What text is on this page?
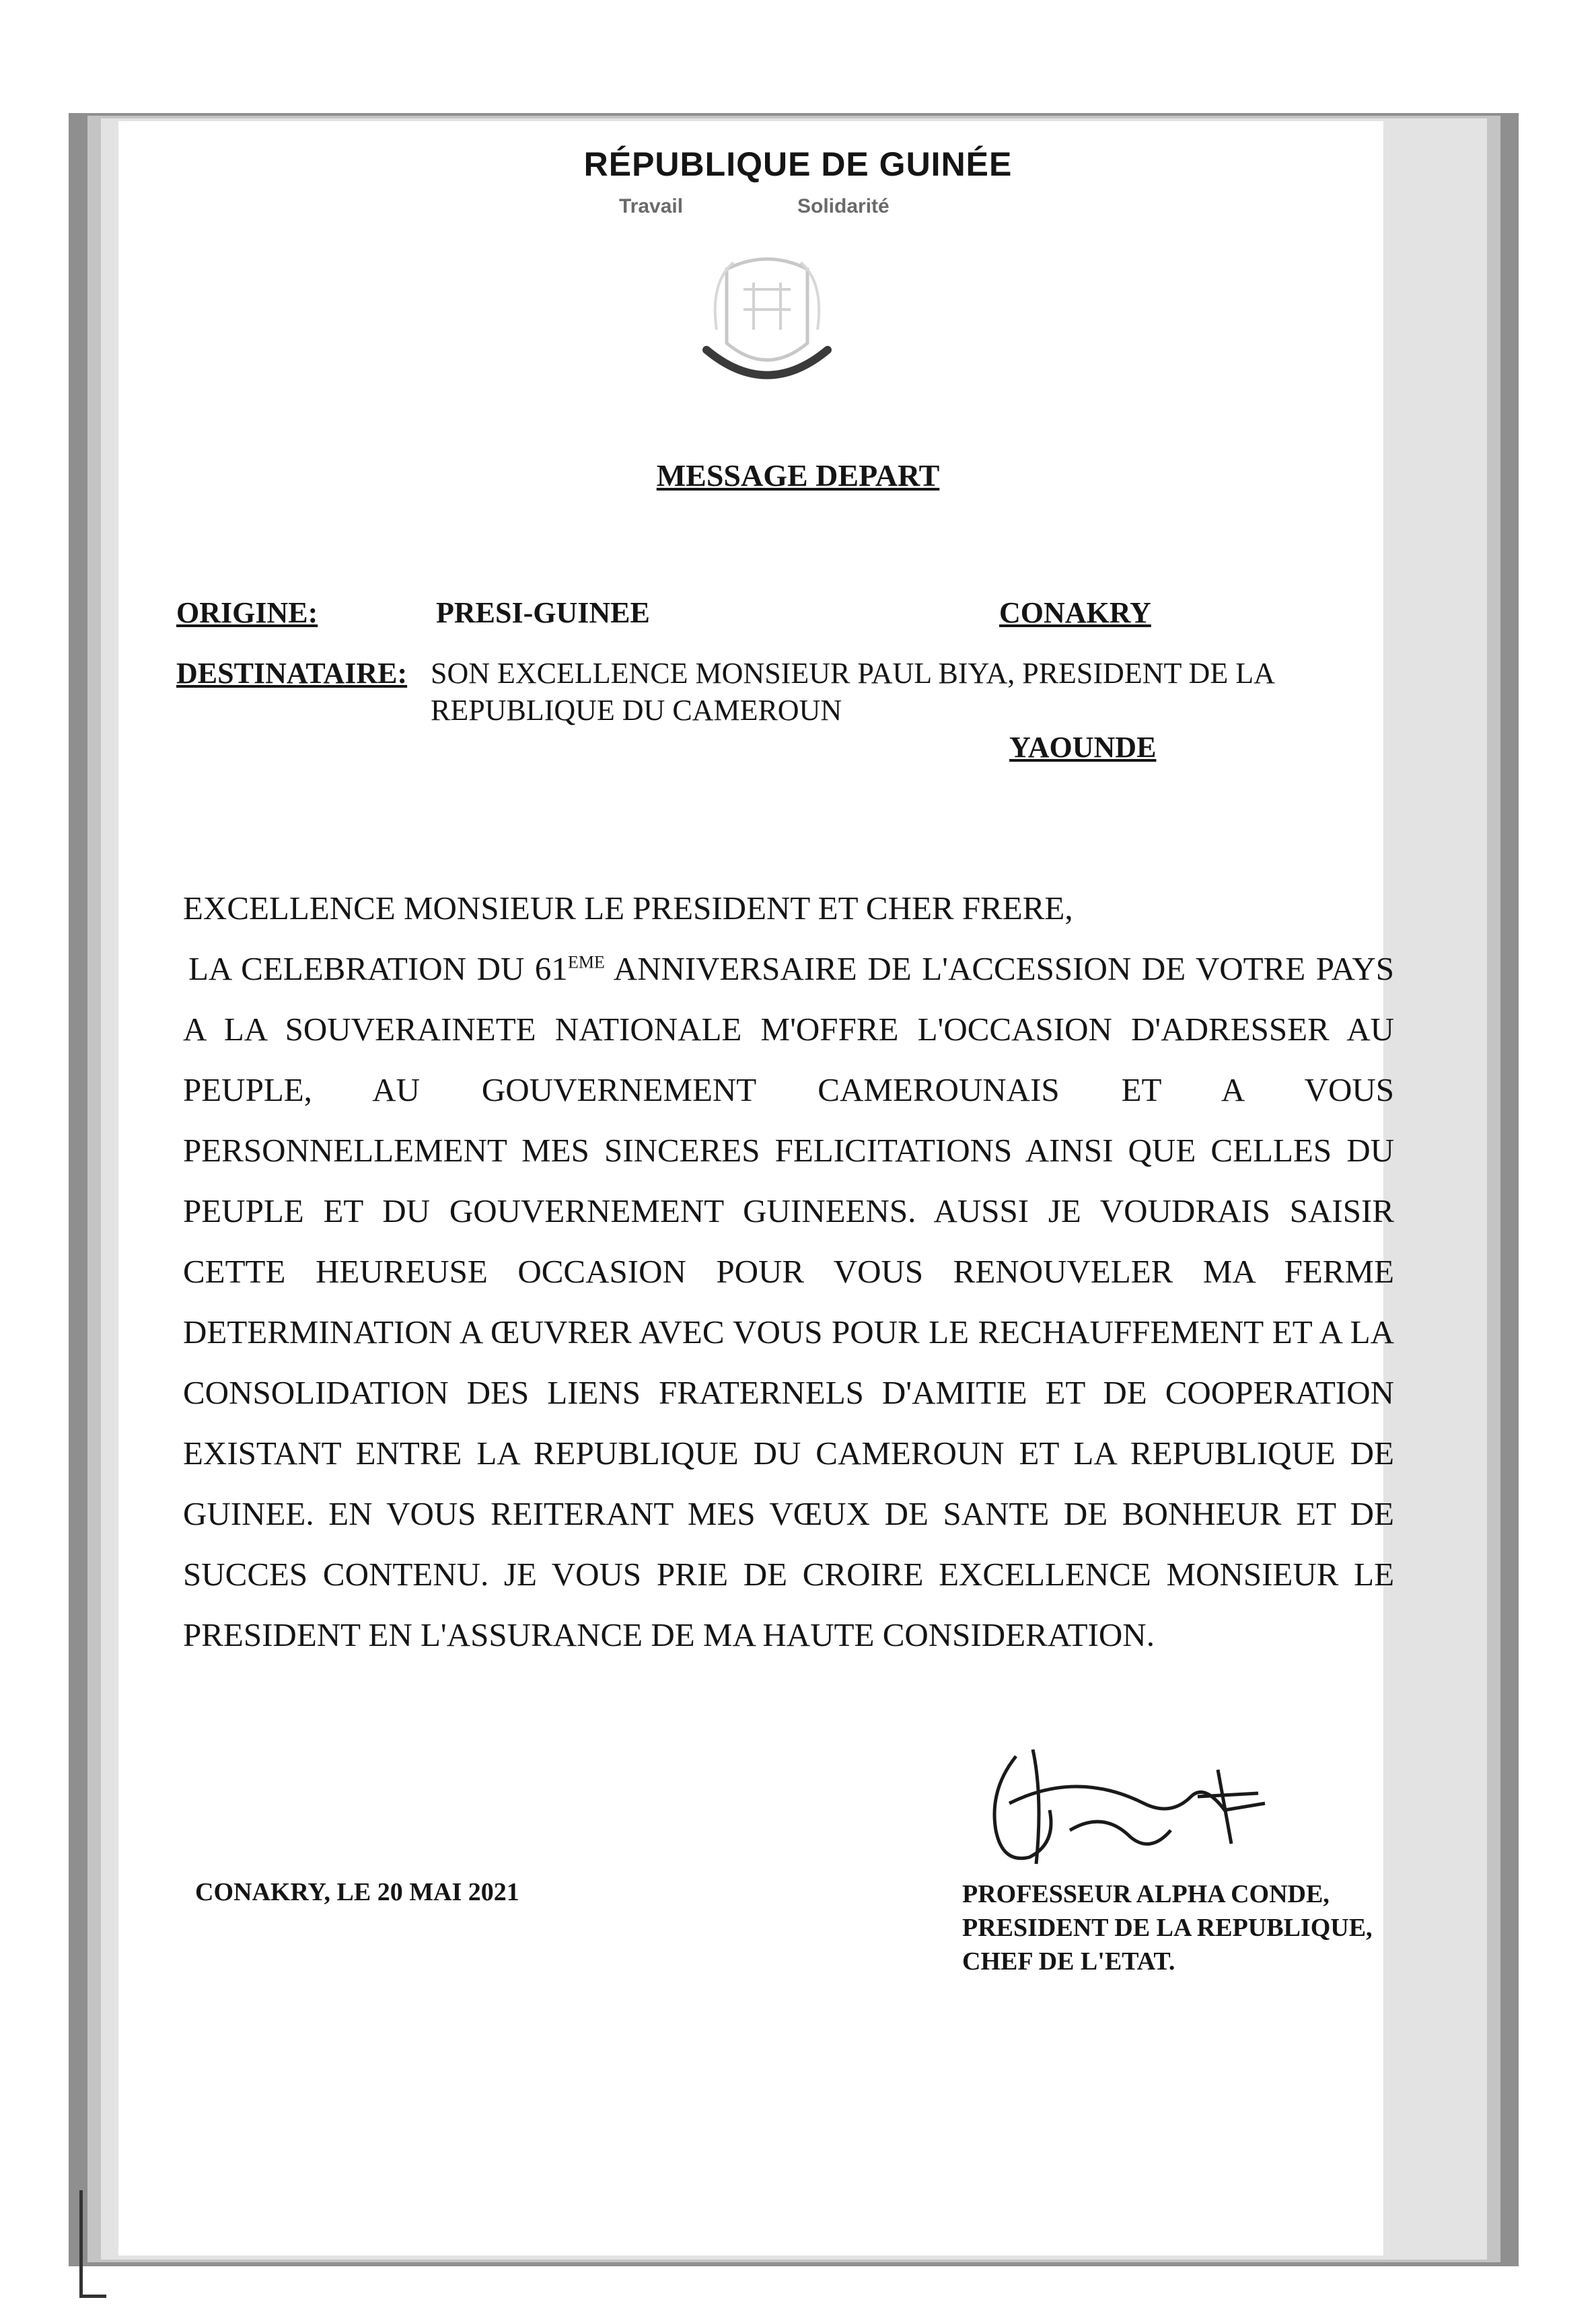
RÉPUBLIQUE DE GUINÉE
Travail	Solidarité
MESSAGE DEPART
ORIGINE:	PRESI-GUINEE	CONAKRY
DESTINATAIRE: SON EXCELLENCE MONSIEUR PAUL BIYA, PRESIDENT DE LA
REPUBLIQUE DU CAMEROUN
YAOUNDE
EXCELLENCE MONSIEUR LE PRESIDENT ET CHER FRERE,
LA CELEBRATION DU 61EME ANNIVERSAIRE DE L'ACCESSION DE VOTRE PAYS A LA SOUVERAINETE NATIONALE M'OFFRE L'OCCASION D'ADRESSER AU PEUPLE, AU GOUVERNEMENT CAMEROUNAIS ET A VOUS PERSONNELLEMENT MES SINCERES FELICITATIONS AINSI QUE CELLES DU PEUPLE ET DU GOUVERNEMENT GUINEENS. AUSSI JE VOUDRAIS SAISIR CETTE HEUREUSE OCCASION POUR VOUS RENOUVELER MA FERME DETERMINATION A ŒUVRER AVEC VOUS POUR LE RECHAUFFEMENT ET A LA CONSOLIDATION DES LIENS FRATERNELS D'AMITIE ET DE COOPERATION EXISTANT ENTRE LA REPUBLIQUE DU CAMEROUN ET LA REPUBLIQUE DE GUINEE. EN VOUS REITERANT MES VŒUX DE SANTE DE BONHEUR ET DE SUCCES CONTENU. JE VOUS PRIE DE CROIRE EXCELLENCE MONSIEUR LE PRESIDENT EN L'ASSURANCE DE MA HAUTE CONSIDERATION.
CONAKRY, LE 20 MAI 2021	PROFESSEUR ALPHA CONDE,
PRESIDENT DE LA REPUBLIQUE,
CHEF DE L'ETAT.
